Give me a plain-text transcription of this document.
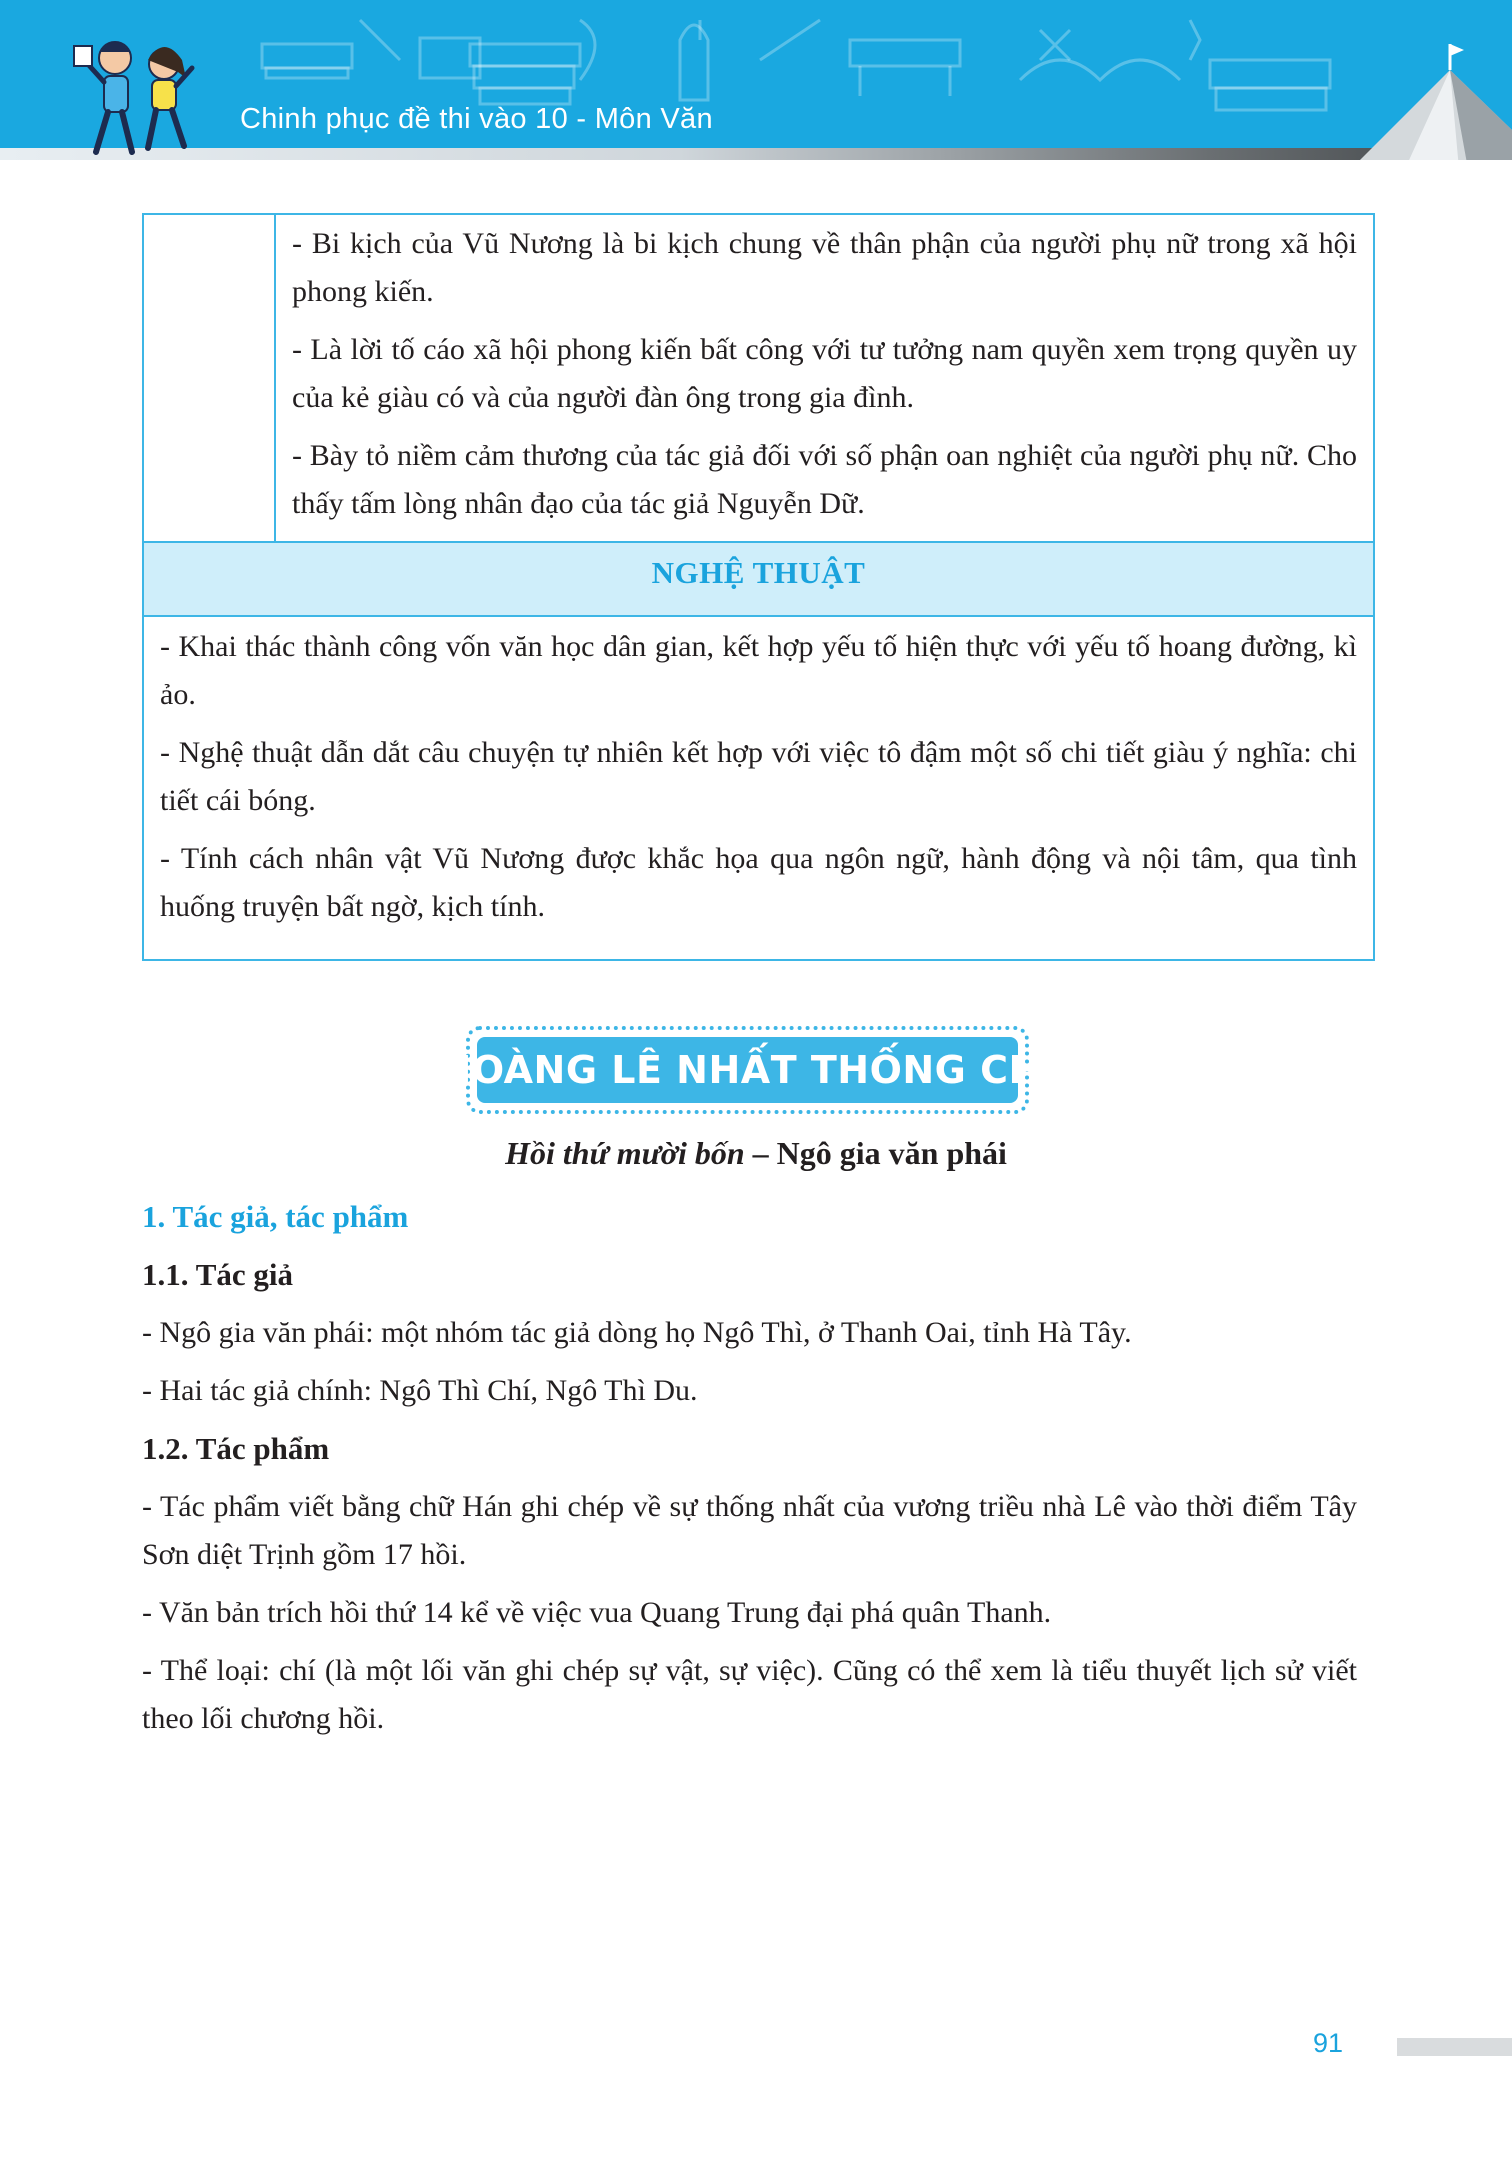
Chinh phục đề thi vào 10 - Môn Văn

- Bi kịch của Vũ Nương là bi kịch chung về thân phận của người phụ nữ trong xã hội phong kiến.

- Là lời tố cáo xã hội phong kiến bất công với tư tưởng nam quyền xem trọng quyền uy của kẻ giàu có và của người đàn ông trong gia đình.

- Bày tỏ niềm cảm thương của tác giả đối với số phận oan nghiệt của người phụ nữ. Cho thấy tấm lòng nhân đạo của tác giả Nguyễn Dữ.

NGHỆ THUẬT

- Khai thác thành công vốn văn học dân gian, kết hợp yếu tố hiện thực với yếu tố hoang đường, kì ảo.

- Nghệ thuật dẫn dắt câu chuyện tự nhiên kết hợp với việc tô đậm một số chi tiết giàu ý nghĩa: chi tiết cái bóng.

- Tính cách nhân vật Vũ Nương được khắc họa qua ngôn ngữ, hành động và nội tâm, qua tình huống truyện bất ngờ, kịch tính.

HOÀNG LÊ NHẤT THỐNG CHÍ
Hồi thứ mười bốn – Ngô gia văn phái

1. Tác giả, tác phẩm

1.1. Tác giả

- Ngô gia văn phái: một nhóm tác giả dòng họ Ngô Thì, ở Thanh Oai, tỉnh Hà Tây.

- Hai tác giả chính: Ngô Thì Chí, Ngô Thì Du.

1.2. Tác phẩm

- Tác phẩm viết bằng chữ Hán ghi chép về sự thống nhất của vương triều nhà Lê vào thời điểm Tây Sơn diệt Trịnh gồm 17 hồi.

- Văn bản trích hồi thứ 14 kể về việc vua Quang Trung đại phá quân Thanh.

- Thể loại: chí (là một lối văn ghi chép sự vật, sự việc). Cũng có thể xem là tiểu thuyết lịch sử viết theo lối chương hồi.

91
